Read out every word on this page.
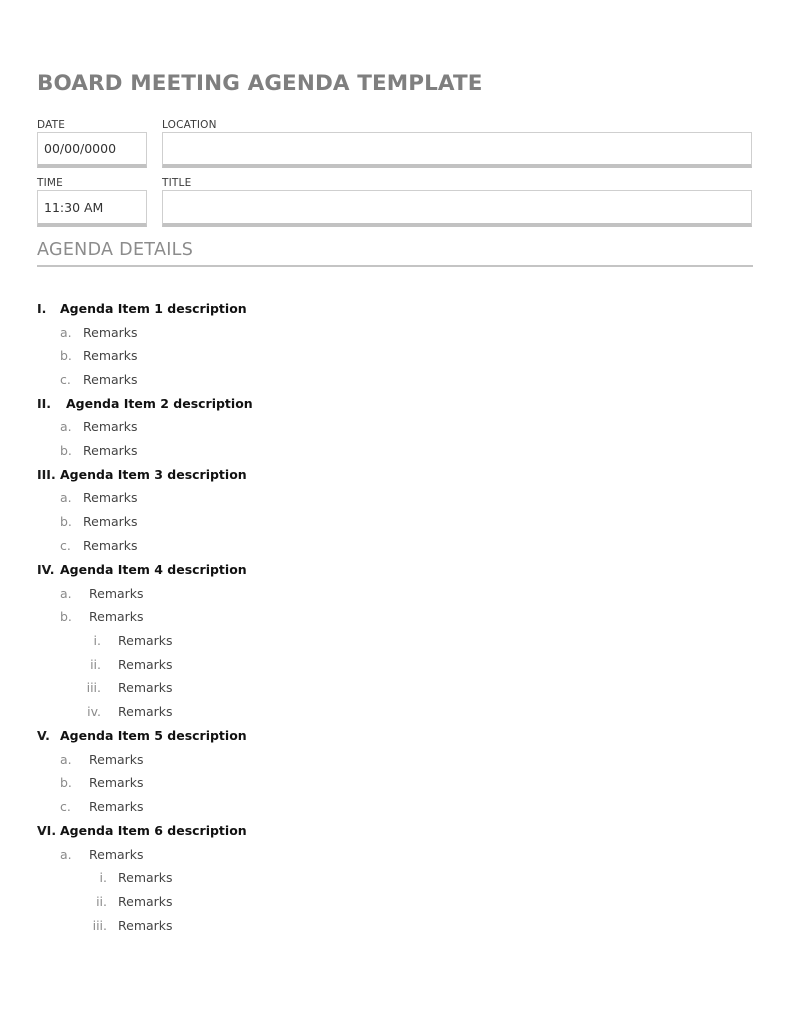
BOARD MEETING AGENDA TEMPLATE
DATE
00/00/0000
LOCATION
TIME
11:30 AM
TITLE
AGENDA DETAILS
I. Agenda Item 1 description
a. Remarks
b. Remarks
c. Remarks
II. Agenda Item 2 description
a. Remarks
b. Remarks
III. Agenda Item 3 description
a. Remarks
b. Remarks
c. Remarks
IV. Agenda Item 4 description
a. Remarks
b. Remarks
i. Remarks
ii. Remarks
iii. Remarks
iv. Remarks
V. Agenda Item 5 description
a. Remarks
b. Remarks
c. Remarks
VI. Agenda Item 6 description
a. Remarks
i. Remarks
ii. Remarks
iii. Remarks
